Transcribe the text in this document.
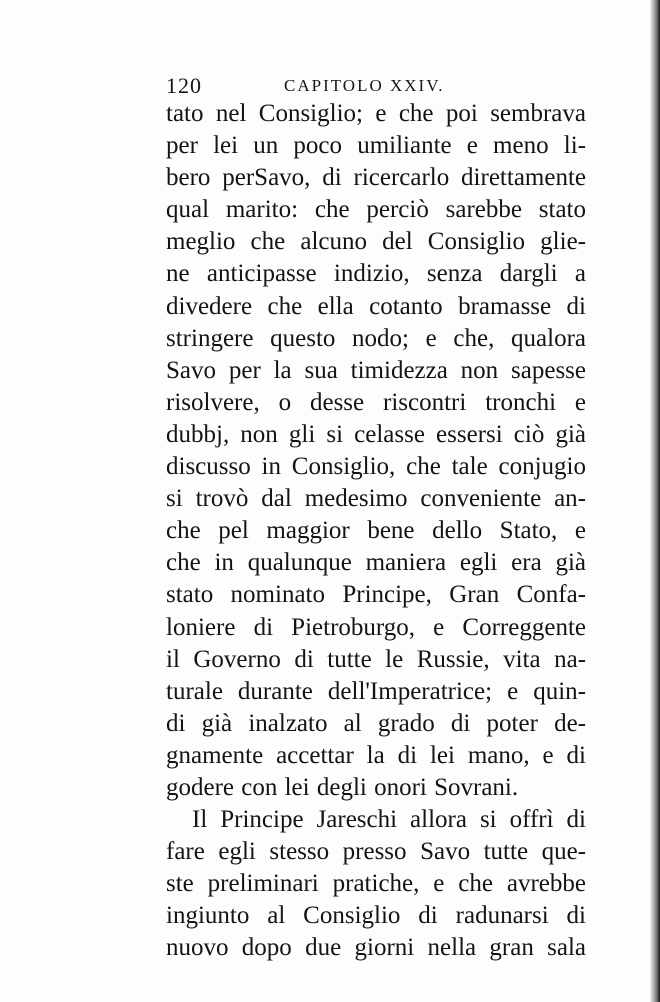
120	CAPITOLO XXIV.
tato nel Consiglio; e che poi sembrava
per lei un poco umiliante e meno li-
bero perSavo, di ricercarlo direttamente
qual marito: che perciò sarebbe stato
meglio che alcuno del Consiglio glie-
ne anticipasse indizio, senza dargli a
divedere che ella cotanto bramasse di
stringere questo nodo; e che, qualora
Savo per la sua timidezza non sapesse
risolvere, o desse riscontri tronchi e
dubbj, non gli si celasse essersi ciò già
discusso in Consiglio, che tale conjugio
si trovò dal medesimo conveniente an-
che pel maggior bene dello Stato, e
che in qualunque maniera egli era già
stato nominato Principe, Gran Confa-
loniere di Pietroburgo, e Correggente
il Governo di tutte le Russie, vita na-
turale durante dell'Imperatrice; e quin-
di già inalzato al grado di poter de-
gnamente accettar la di lei mano, e di
godere con lei degli onori Sovrani.
Il Principe Jareschi allora si offrì di
fare egli stesso presso Savo tutte que-
ste preliminari pratiche, e che avrebbe
ingiunto al Consiglio di radunarsi di
nuovo dopo due giorni nella gran sala
